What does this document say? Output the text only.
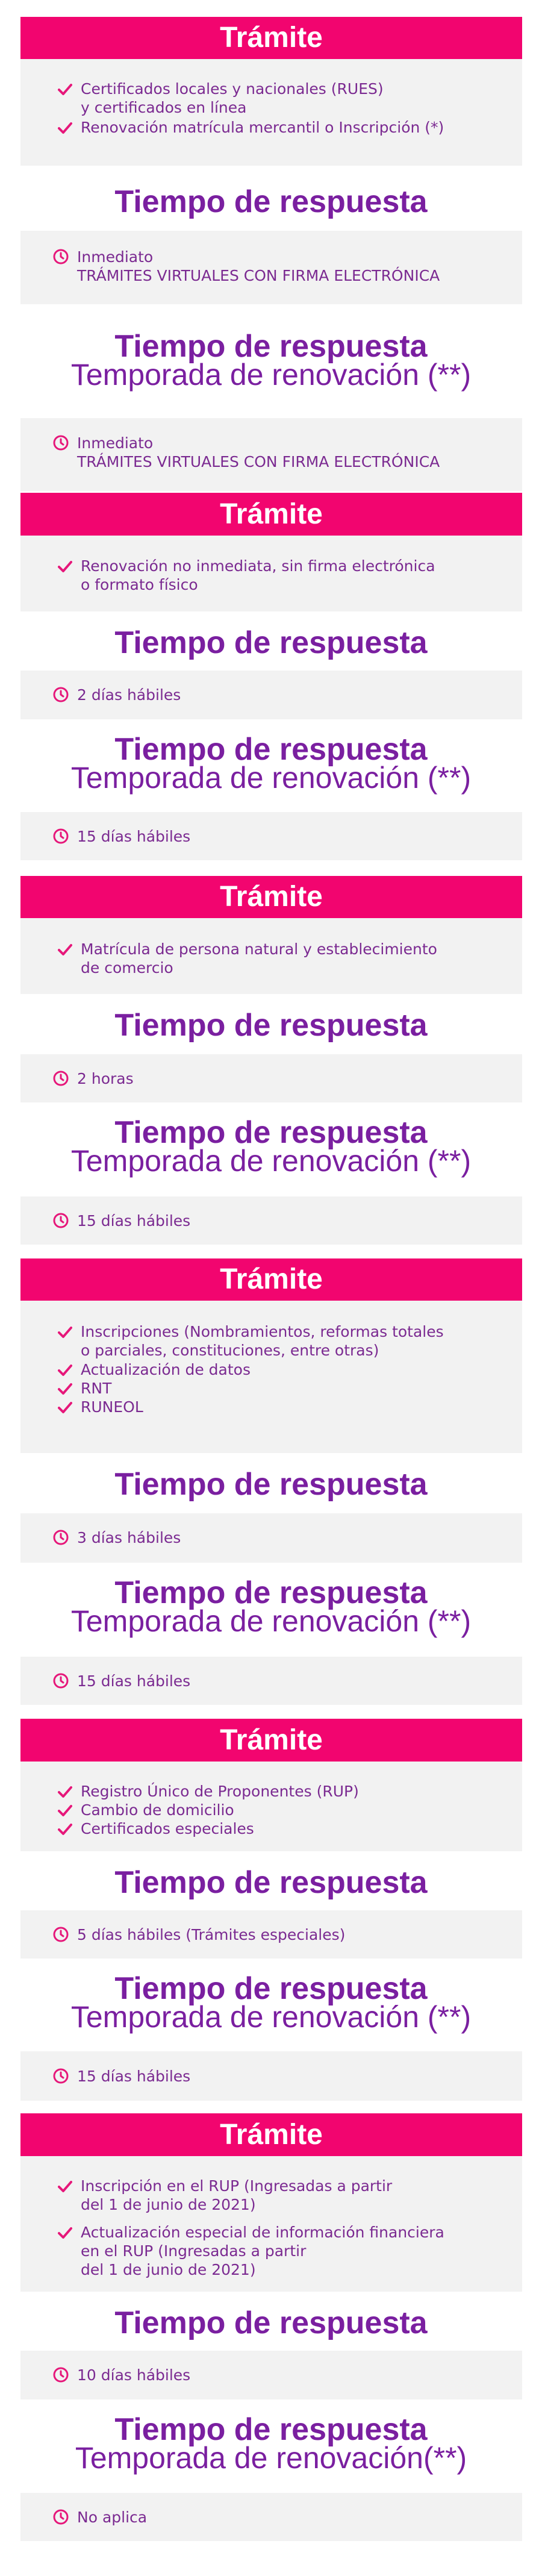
Trámite
Certificados locales y nacionales (RUES)
y certificados en línea
Renovación matrícula mercantil o Inscripción (*)
Tiempo de respuesta
Inmediato
TRÁMITES VIRTUALES CON FIRMA ELECTRÓNICA
Tiempo de respuesta
Temporada de renovación (**)
Inmediato
TRÁMITES VIRTUALES CON FIRMA ELECTRÓNICA
Trámite
Renovación no inmediata, sin firma electrónica
o formato físico
Tiempo de respuesta
2 días hábiles
Tiempo de respuesta
Temporada de renovación (**)
15 días hábiles
Trámite
Matrícula de persona natural y establecimiento
de comercio
Tiempo de respuesta
2 horas
Tiempo de respuesta
Temporada de renovación (**)
15 días hábiles
Trámite
Inscripciones (Nombramientos, reformas totales
o parciales, constituciones, entre otras)
Actualización de datos
RNT
RUNEOL
Tiempo de respuesta
3 días hábiles
Tiempo de respuesta
Temporada de renovación (**)
15 días hábiles
Trámite
Registro Único de Proponentes (RUP)
Cambio de domicilio
Certificados especiales
Tiempo de respuesta
5 días hábiles (Trámites especiales)
Tiempo de respuesta
Temporada de renovación (**)
15 días hábiles
Trámite
Inscripción en el RUP (Ingresadas a partir
del 1 de junio de 2021)
Actualización especial de información financiera
en el RUP (Ingresadas a partir
del 1 de junio de 2021)
Tiempo de respuesta
10 días hábiles
Tiempo de respuesta
Temporada de renovación(**)
No aplica
